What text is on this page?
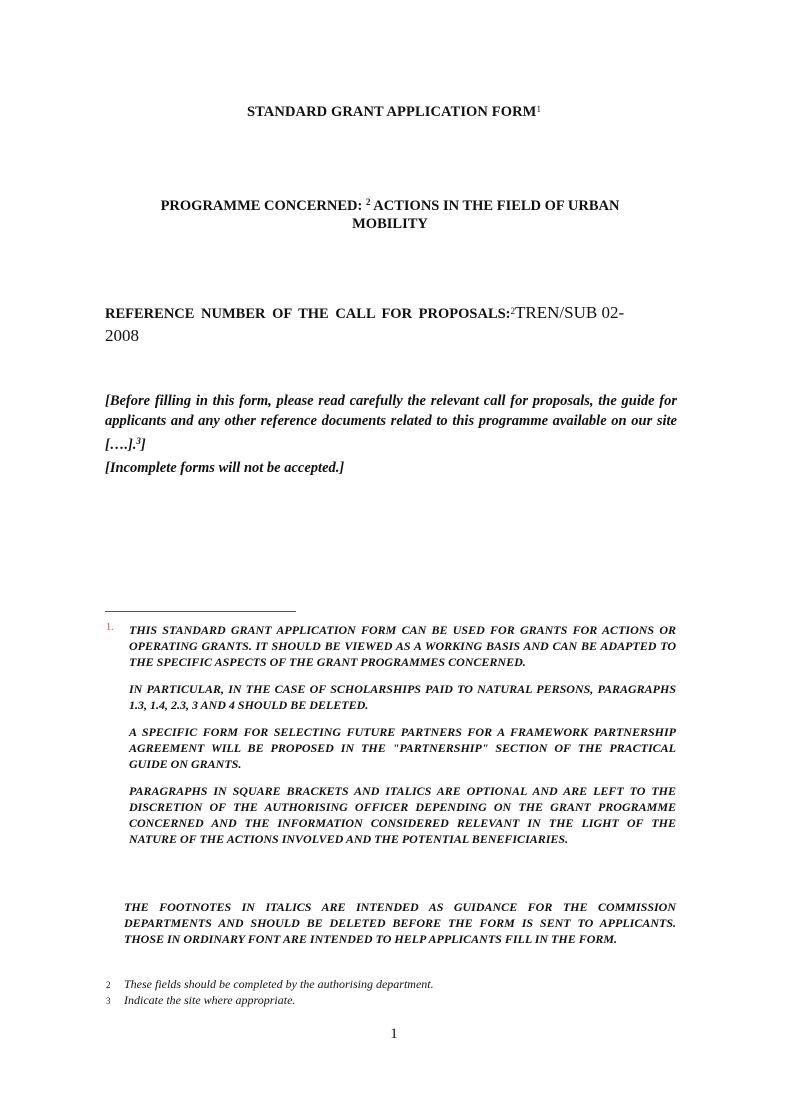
STANDARD GRANT APPLICATION FORM$^1$
PROGRAMME CONCERNED: $^2$ ACTIONS IN THE FIELD OF URBAN
MOBILITY
REFERENCE NUMBER OF THE CALL FOR PROPOSALS:$^2$TREN/SUB 02-
2008
[Before filling in this form, please read carefully the relevant call for proposals, the guide for applicants and any other reference documents related to this programme available on our site [….].$^3$]
[Incomplete forms will not be accepted.]
1. THIS STANDARD GRANT APPLICATION FORM CAN BE USED FOR GRANTS FOR ACTIONS OR OPERATING GRANTS. IT SHOULD BE VIEWED AS A WORKING BASIS AND CAN BE ADAPTED TO THE SPECIFIC ASPECTS OF THE GRANT PROGRAMMES CONCERNED.

IN PARTICULAR, IN THE CASE OF SCHOLARSHIPS PAID TO NATURAL PERSONS, PARAGRAPHS 1.3, 1.4, 2.3, 3 AND 4 SHOULD BE DELETED.

A SPECIFIC FORM FOR SELECTING FUTURE PARTNERS FOR A FRAMEWORK PARTNERSHIP AGREEMENT WILL BE PROPOSED IN THE "PARTNERSHIP" SECTION OF THE PRACTICAL GUIDE ON GRANTS.

PARAGRAPHS IN SQUARE BRACKETS AND ITALICS ARE OPTIONAL AND ARE LEFT TO THE DISCRETION OF THE AUTHORISING OFFICER DEPENDING ON THE GRANT PROGRAMME CONCERNED AND THE INFORMATION CONSIDERED RELEVANT IN THE LIGHT OF THE NATURE OF THE ACTIONS INVOLVED AND THE POTENTIAL BENEFICIARIES.

THE FOOTNOTES IN ITALICS ARE INTENDED AS GUIDANCE FOR THE COMMISSION DEPARTMENTS AND SHOULD BE DELETED BEFORE THE FORM IS SENT TO APPLICANTS. THOSE IN ORDINARY FONT ARE INTENDED TO HELP APPLICANTS FILL IN THE FORM.
2 These fields should be completed by the authorising department.
3 Indicate the site where appropriate.
1
